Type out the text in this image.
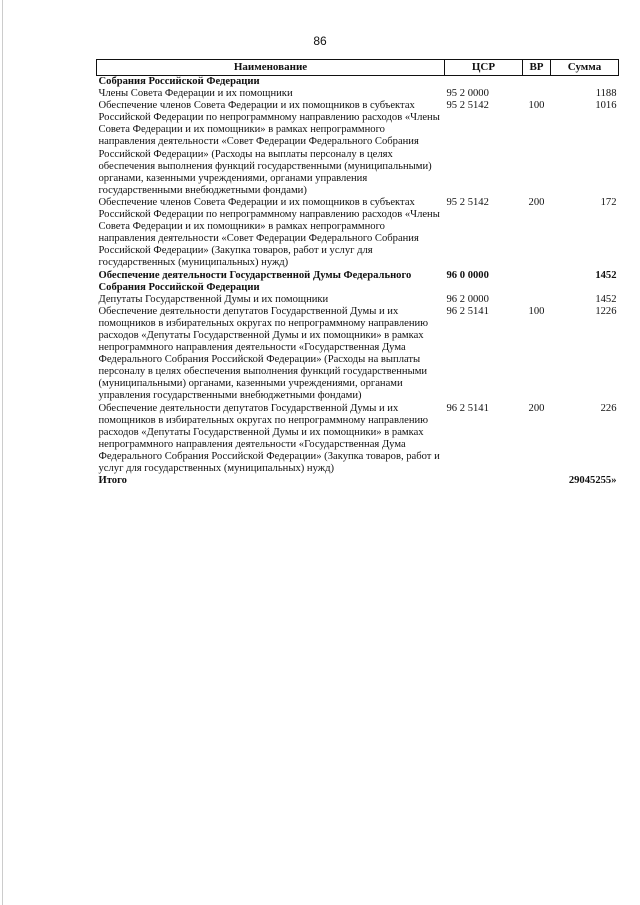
86
Наименование	ЦСР	ВР	Сумма
Собрания Российской Федерации			
Члены Совета Федерации и их помощники	95 2 0000		1188
Обеспечение членов Совета Федерации и их помощников в субъектах Российской Федерации по непрограммному направлению расходов «Члены Совета Федерации и их помощники» в рамках непрограммного направления деятельности «Совет Федерации Федерального Собрания Российской Федерации» (Расходы на выплаты персоналу в целях обеспечения выполнения функций государственными (муниципальными) органами, казенными учреждениями, органами управления государственными внебюджетными фондами)	95 2 5142	100	1016
Обеспечение членов Совета Федерации и их помощников в субъектах Российской Федерации по непрограммному направлению расходов «Члены Совета Федерации и их помощники» в рамках непрограммного направления деятельности «Совет Федерации Федерального Собрания Российской Федерации» (Закупка товаров, работ и услуг для государственных (муниципальных) нужд)	95 2 5142	200	172
Обеспечение деятельности Государственной Думы Федерального Собрания Российской Федерации	96 0 0000		1452
Депутаты Государственной Думы и их помощники	96 2 0000		1452
Обеспечение деятельности депутатов Государственной Думы и их помощников в избирательных округах по непрограммному направлению расходов «Депутаты Государственной Думы и их помощники» в рамках непрограммного направления деятельности «Государственная Дума Федерального Собрания Российской Федерации» (Расходы на выплаты персоналу в целях обеспечения выполнения функций государственными (муниципальными) органами, казенными учреждениями, органами управления государственными внебюджетными фондами)	96 2 5141	100	1226
Обеспечение деятельности депутатов Государственной Думы и их помощников в избирательных округах по непрограммному направлению расходов «Депутаты Государственной Думы и их помощники» в рамках непрограммного направления деятельности «Государственная Дума Федерального Собрания Российской Федерации» (Закупка товаров, работ и услуг для государственных (муниципальных) нужд)	96 2 5141	200	226
Итого			29045255»
